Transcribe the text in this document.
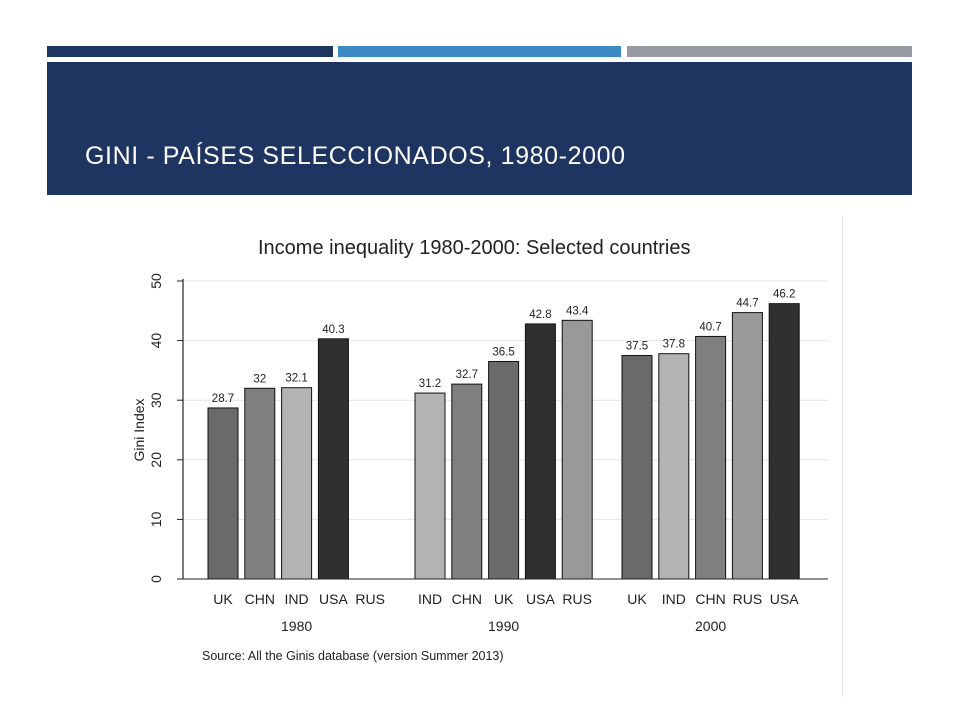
GINI - PAÍSES SELECCIONADOS, 1980-2000
Income inequality 1980-2000: Selected countries
0
10
20
30
40
50
Gini Index	28.7
UK
32
CHN
32.1
IND
40.3
USA RUS
1980
31.2
IND
32.7
CHN
36.5
UK
42.8
USA
43.4
RUS
1990
37.5
UK
37.8
IND
40.7
CHN
44.7
RUS
46.2
USA
2000
Source: All the Ginis database (version Summer 2013)
